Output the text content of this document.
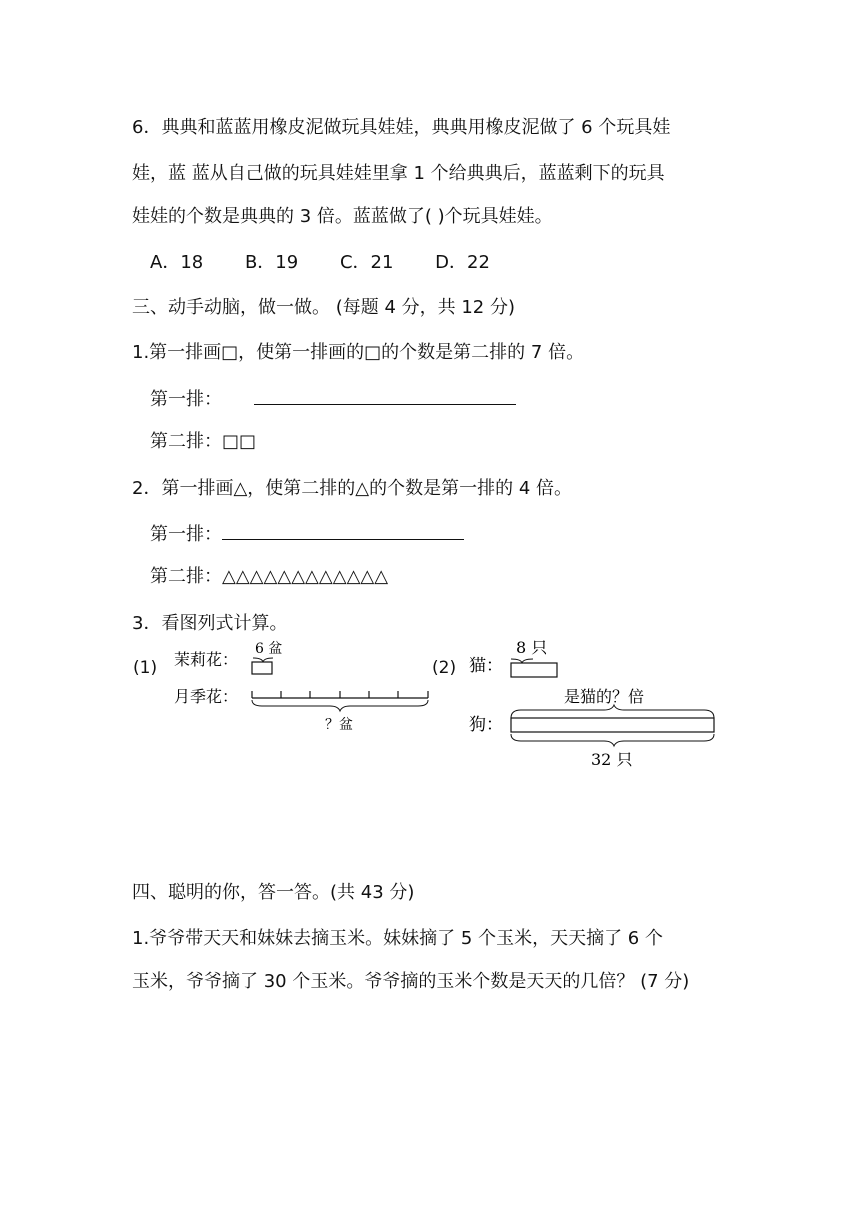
6．典典和蓝蓝用橡皮泥做玩具娃娃，典典用橡皮泥做了 6 个玩具娃
娃，蓝 蓝从自己做的玩具娃娃里拿 1 个给典典后，蓝蓝剩下的玩具
娃娃的个数是典典的 3 倍。蓝蓝做了( )个玩具娃娃。
A．18 B．19 C．21 D．22
三、动手动脑，做一做。 (每题 4 分，共 12 分)
1.第一排画□，使第一排画的□的个数是第二排的 7 倍。
第一排：
第二排：□□
2．第一排画△，使第二排的△的个数是第一排的 4 倍。
第一排：
第二排：△△△△△△△△△△△△
3．看图列式计算。
(1) 茉莉花：
6 盆
月季花：
？盆
(2) 猫：
8 只
是猫的？倍
狗：
32 只
四、聪明的你，答一答。(共 43 分)
1.爷爷带天天和妹妹去摘玉米。妹妹摘了 5 个玉米，天天摘了 6 个
玉米，爷爷摘了 30 个玉米。爷爷摘的玉米个数是天天的几倍？ (7 分)
